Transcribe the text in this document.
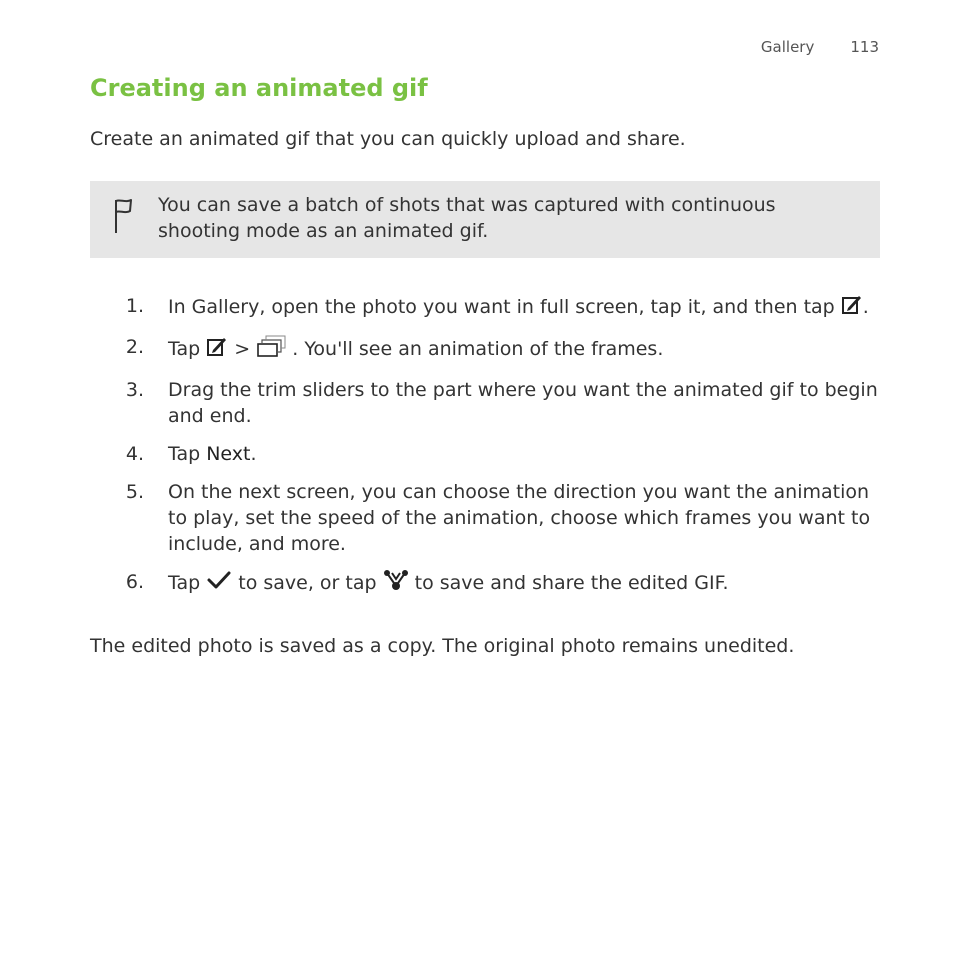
Gallery 113
Creating an animated gif

Create an animated gif that you can quickly upload and share.

You can save a batch of shots that was captured with continuous shooting mode as an animated gif.
1.	In Gallery, open the photo you want in full screen, tap it, and then tap .
2.	Tap  >  . You'll see an animation of the frames.
3.	Drag the trim sliders to the part where you want the animated gif to begin and end.
4.	Tap Next.
5.	On the next screen, you can choose the direction you want the animation to play, set the speed of the animation, choose which frames you want to include, and more.
6.	Tap  to save, or tap  to save and share the edited GIF.

The edited photo is saved as a copy. The original photo remains unedited.
